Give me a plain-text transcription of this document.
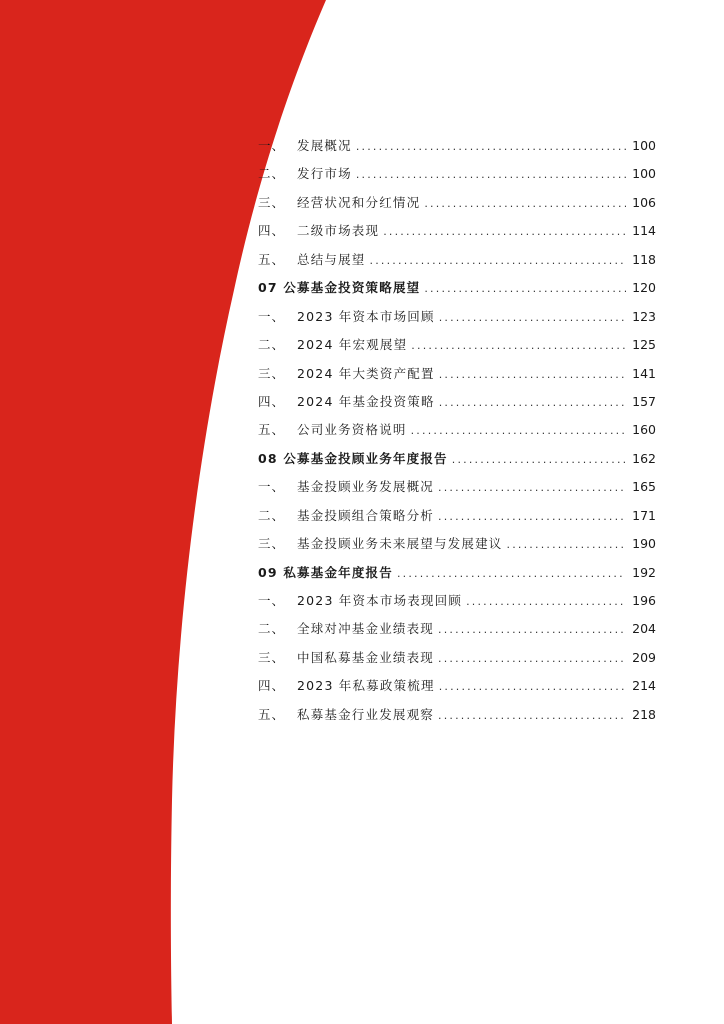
一、 发展概况 .....	100
二、 发行市场 .....	100
三、 经营状况和分红情况 .....	106
四、 二级市场表现 .....	114
五、 总结与展望 .....	118
07 公募基金投资策略展望 .....	120
一、 2023 年资本市场回顾 .....	123
二、 2024 年宏观展望 .....	125
三、 2024 年大类资产配置 .....	141
四、 2024 年基金投资策略 .....	157
五、 公司业务资格说明 .....	160
08 公募基金投顾业务年度报告 .....	162
一、 基金投顾业务发展概况 .....	165
二、 基金投顾组合策略分析 .....	171
三、 基金投顾业务未来展望与发展建议 .....	190
09 私募基金年度报告 .....	192
一、 2023 年资本市场表现回顾 .....	196
二、 全球对冲基金业绩表现 .....	204
三、 中国私募基金业绩表现 .....	209
四、 2023 年私募政策梳理 .....	214
五、 私募基金行业发展观察 .....	218
